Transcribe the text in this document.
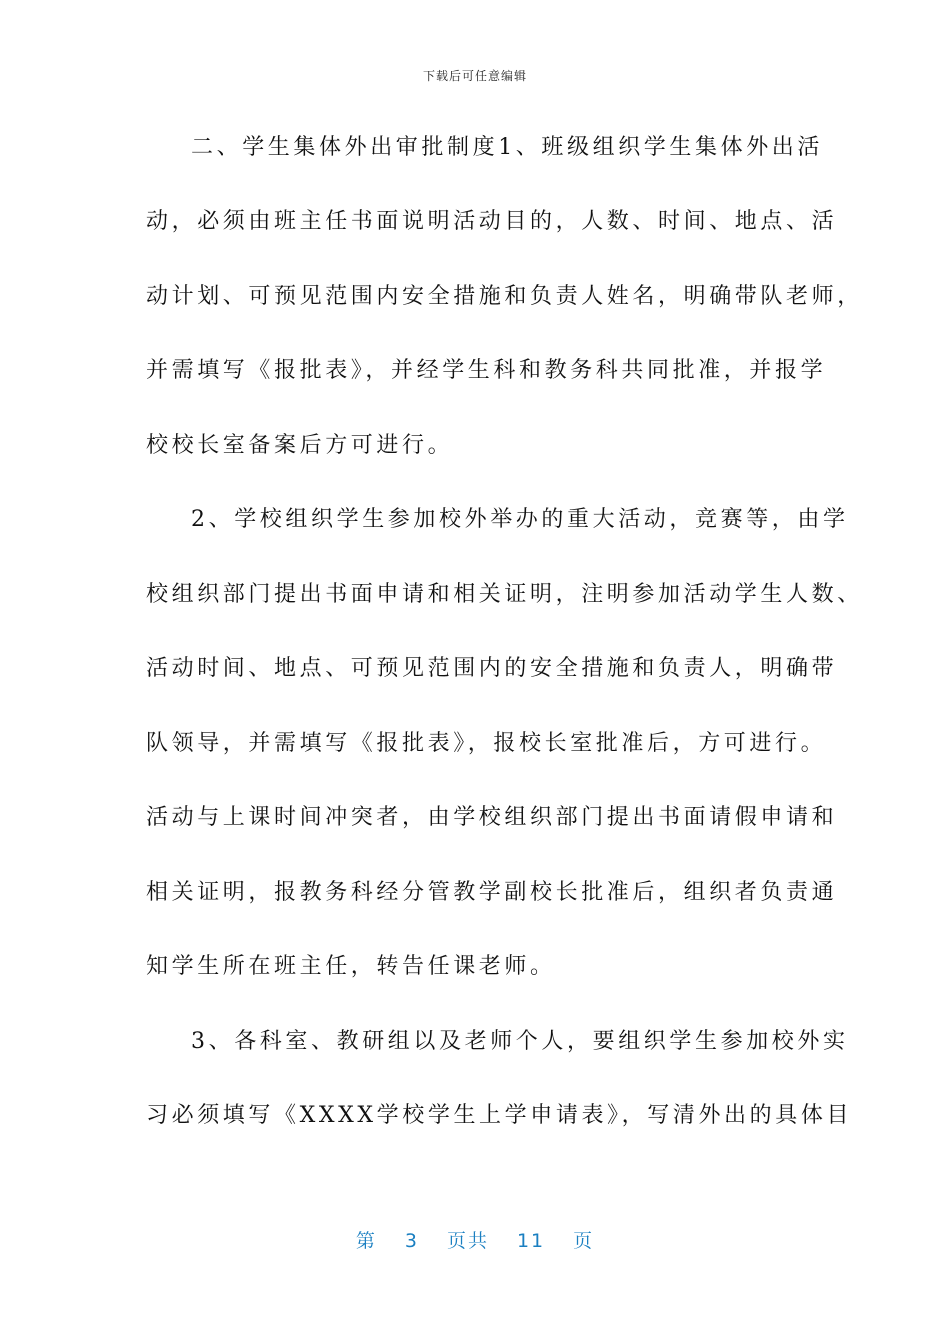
下载后可任意编辑
二、学生集体外出审批制度1、班级组织学生集体外出活
动，必须由班主任书面说明活动目的，人数、时间、地点、活
动计划、可预见范围内安全措施和负责人姓名，明确带队老师，
并需填写《报批表》，并经学生科和教务科共同批准，并报学
校校长室备案后方可进行。
2、学校组织学生参加校外举办的重大活动，竞赛等，由学
校组织部门提出书面申请和相关证明，注明参加活动学生人数、
活动时间、地点、可预见范围内的安全措施和负责人，明确带
队领导，并需填写《报批表》，报校长室批准后，方可进行。
活动与上课时间冲突者，由学校组织部门提出书面请假申请和
相关证明，报教务科经分管教学副校长批准后，组织者负责通
知学生所在班主任，转告任课老师。
3、各科室、教研组以及老师个人，要组织学生参加校外实
习必须填写《XXXX学校学生上学申请表》，写清外出的具体目
第 3 页共 11 页
